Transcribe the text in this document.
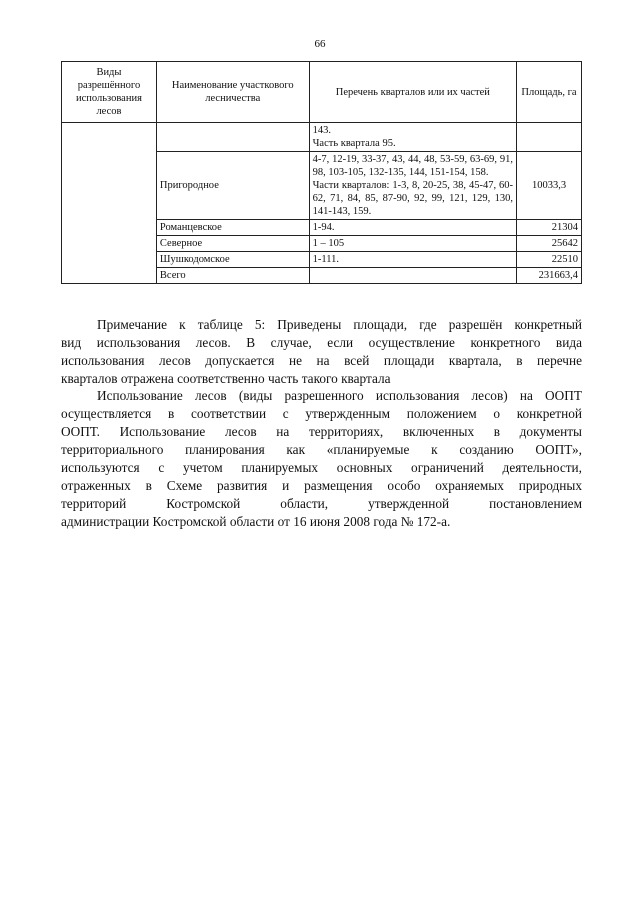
66
Виды разрешённого использования лесов	Наименование участкового лесничества	Перечень кварталов или их частей	Площадь, га

		143.
Часть квартала 95.	

	Пригородное	4-7, 12-19, 33-37, 43, 44, 48, 53-59, 63-69, 91, 98, 103-105, 132-135, 144, 151-154, 158.
Части кварталов: 1-3, 8, 20-25, 38, 45-47, 60-62, 71, 84, 85, 87-90, 92, 99, 121, 129, 130, 141-143, 159.	10033,3
	Романцевское	1-94.	21304
	Северное	1 – 105	25642
	Шушкодомское	1-111.	22510
	Всего		231663,4
Примечание к таблице 5: Приведены площади, где разрешён конкретный
вид использования лесов. В случае, если осуществление конкретного вида
использования лесов допускается не на всей площади квартала, в перечне
кварталов отражена соответственно часть такого квартала
Использование лесов (виды разрешенного использования лесов) на ООПТ
осуществляется в соответствии с утвержденным положением о конкретной
ООПТ. Использование лесов на территориях, включенных в документы
территориального планирования как «планируемые к созданию ООПТ»,
используются с учетом планируемых основных ограничений деятельности,
отраженных в Схеме развития и размещения особо охраняемых природных
территорий Костромской области, утвержденной постановлением
администрации Костромской области от 16 июня 2008 года № 172-а.
